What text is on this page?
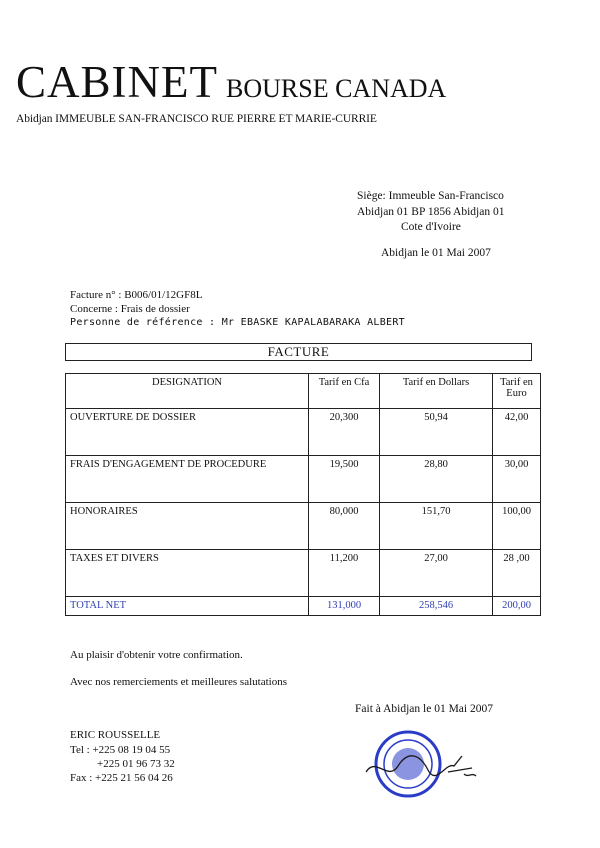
CABINET BOURSE CANADA
Abidjan IMMEUBLE SAN-FRANCISCO RUE PIERRE ET MARIE-CURRIE
Siège: Immeuble San-Francisco
Abidjan 01 BP 1856 Abidjan 01
Cote d'Ivoire
Abidjan le 01 Mai 2007
Facture n° : B006/01/12GF8L
Concerne : Frais de dossier
Personne de référence : Mr EBASKE KAPALABARAKA ALBERT
FACTURE
DESIGNATION	Tarif en Cfa	Tarif en Dollars	Tarif en Euro
OUVERTURE DE DOSSIER	20,300	50,94	42,00
FRAIS D'ENGAGEMENT DE PROCEDURE	19,500	28,80	30,00
HONORAIRES	80,000	151,70	100,00
TAXES ET DIVERS	11,200	27,00	28 ,00
TOTAL NET	131,000	258,546	200,00
Au plaisir d'obtenir votre confirmation.
Avec nos remerciements et meilleures salutations
Fait à Abidjan le 01 Mai 2007
ERIC ROUSSELLE
Tel : +225 08 19 04 55
+225 01 96 73 32
Fax : +225 21 56 04 26
